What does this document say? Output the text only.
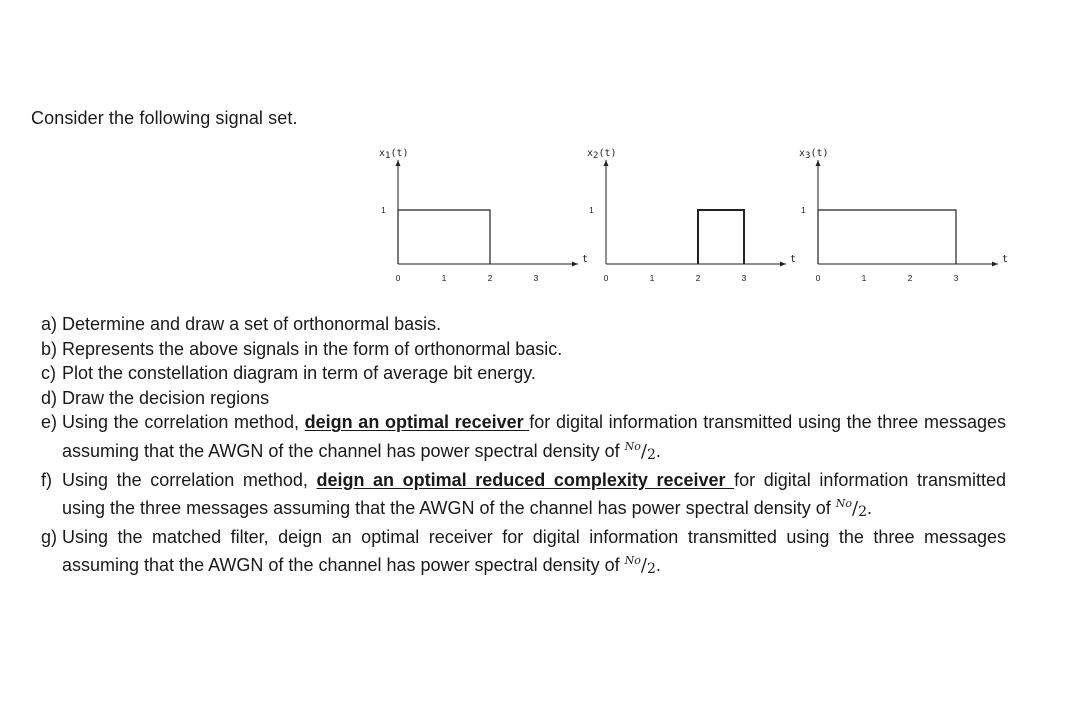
Consider the following signal set.
t
x1(t)
1
0	1	2	3
t
x2(t)
1
0	1	2	3
t
x3(t)
1
0	1	2	3
a) Determine and draw a set of orthonormal basis.
b) Represents the above signals in the form of orthonormal basic.
c) Plot the constellation diagram in term of average bit energy.
d) Draw the decision regions
e) Using the correlation method, deign an optimal receiver for digital information transmitted using the three messages assuming that the AWGN of the channel has power spectral density of $^{No}$/2.
f) Using the correlation method, deign an optimal reduced complexity receiver for digital information transmitted using the three messages assuming that the AWGN of the channel has power spectral density of $^{No}$/2.
g) Using the matched filter, deign an optimal receiver for digital information transmitted using the three messages assuming that the AWGN of the channel has power spectral density of $^{No}$/2.
